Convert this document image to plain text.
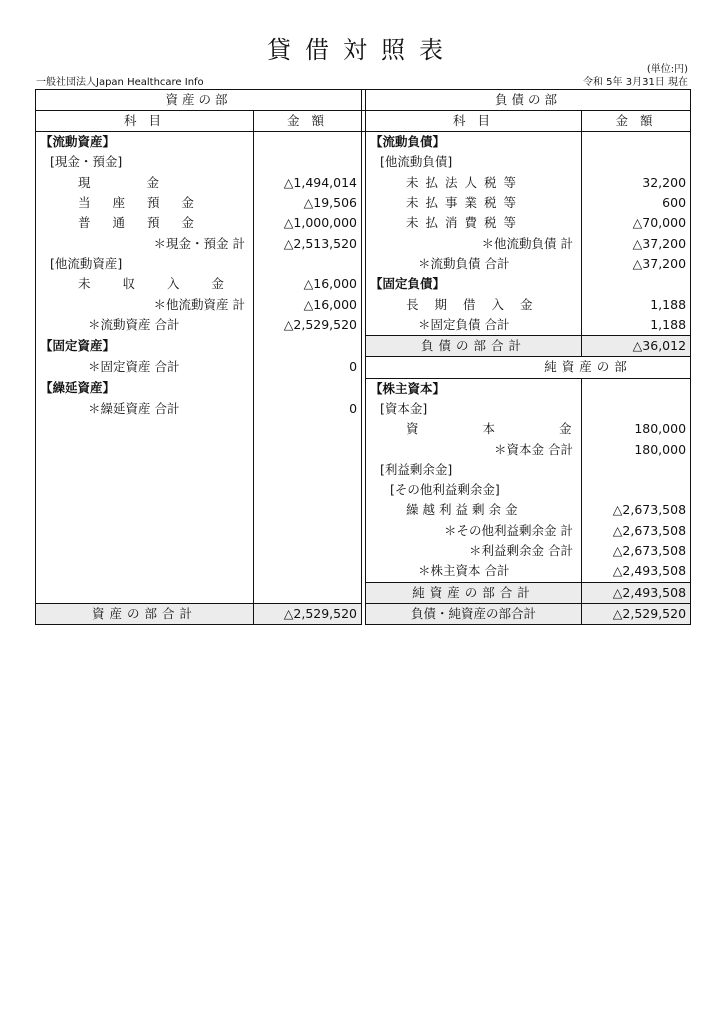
貸借対照表
(単位:円)
一般社団法人Japan Healthcare Info	令和 5年 3月31日 現在
資産の部			負債の部	
科 目	金 額		科 目	金 額
【流動資産】			【流動負債】	
[現金・預金]			[他流動負債]	
現 金	△1,494,014		未払法人税等	32,200
当 座 預 金	△19,506		未払事業税等	600
普 通 預 金	△1,000,000		未払消費税等	△70,000
＊現金・預金 計	△2,513,520		＊他流動負債 計	△37,200
[他流動資産]			＊流動負債 合計	△37,200
未 収 入 金	△16,000		【固定負債】	
＊他流動資産 計	△16,000		長期借入金	1,188
＊流動資産 合計	△2,529,520		＊固定負債 合計	1,188
【固定資産】			負債の部合計	△36,012
＊固定資産 合計	0		純資産の部	
【繰延資産】			【株主資本】	
＊繰延資産 合計	0		[資本金]	
			資 本 金	180,000
			＊資本金 合計	180,000
			[利益剰余金]	
			[その他利益剰余金]	
			繰越利益剰余金	△2,673,508
			＊その他利益剰余金 計	△2,673,508
			＊利益剰余金 合計	△2,673,508
			＊株主資本 合計	△2,493,508
			純資産の部合計	△2,493,508
資産の部合計	△2,529,520		負債・純資産の部合計	△2,529,520
